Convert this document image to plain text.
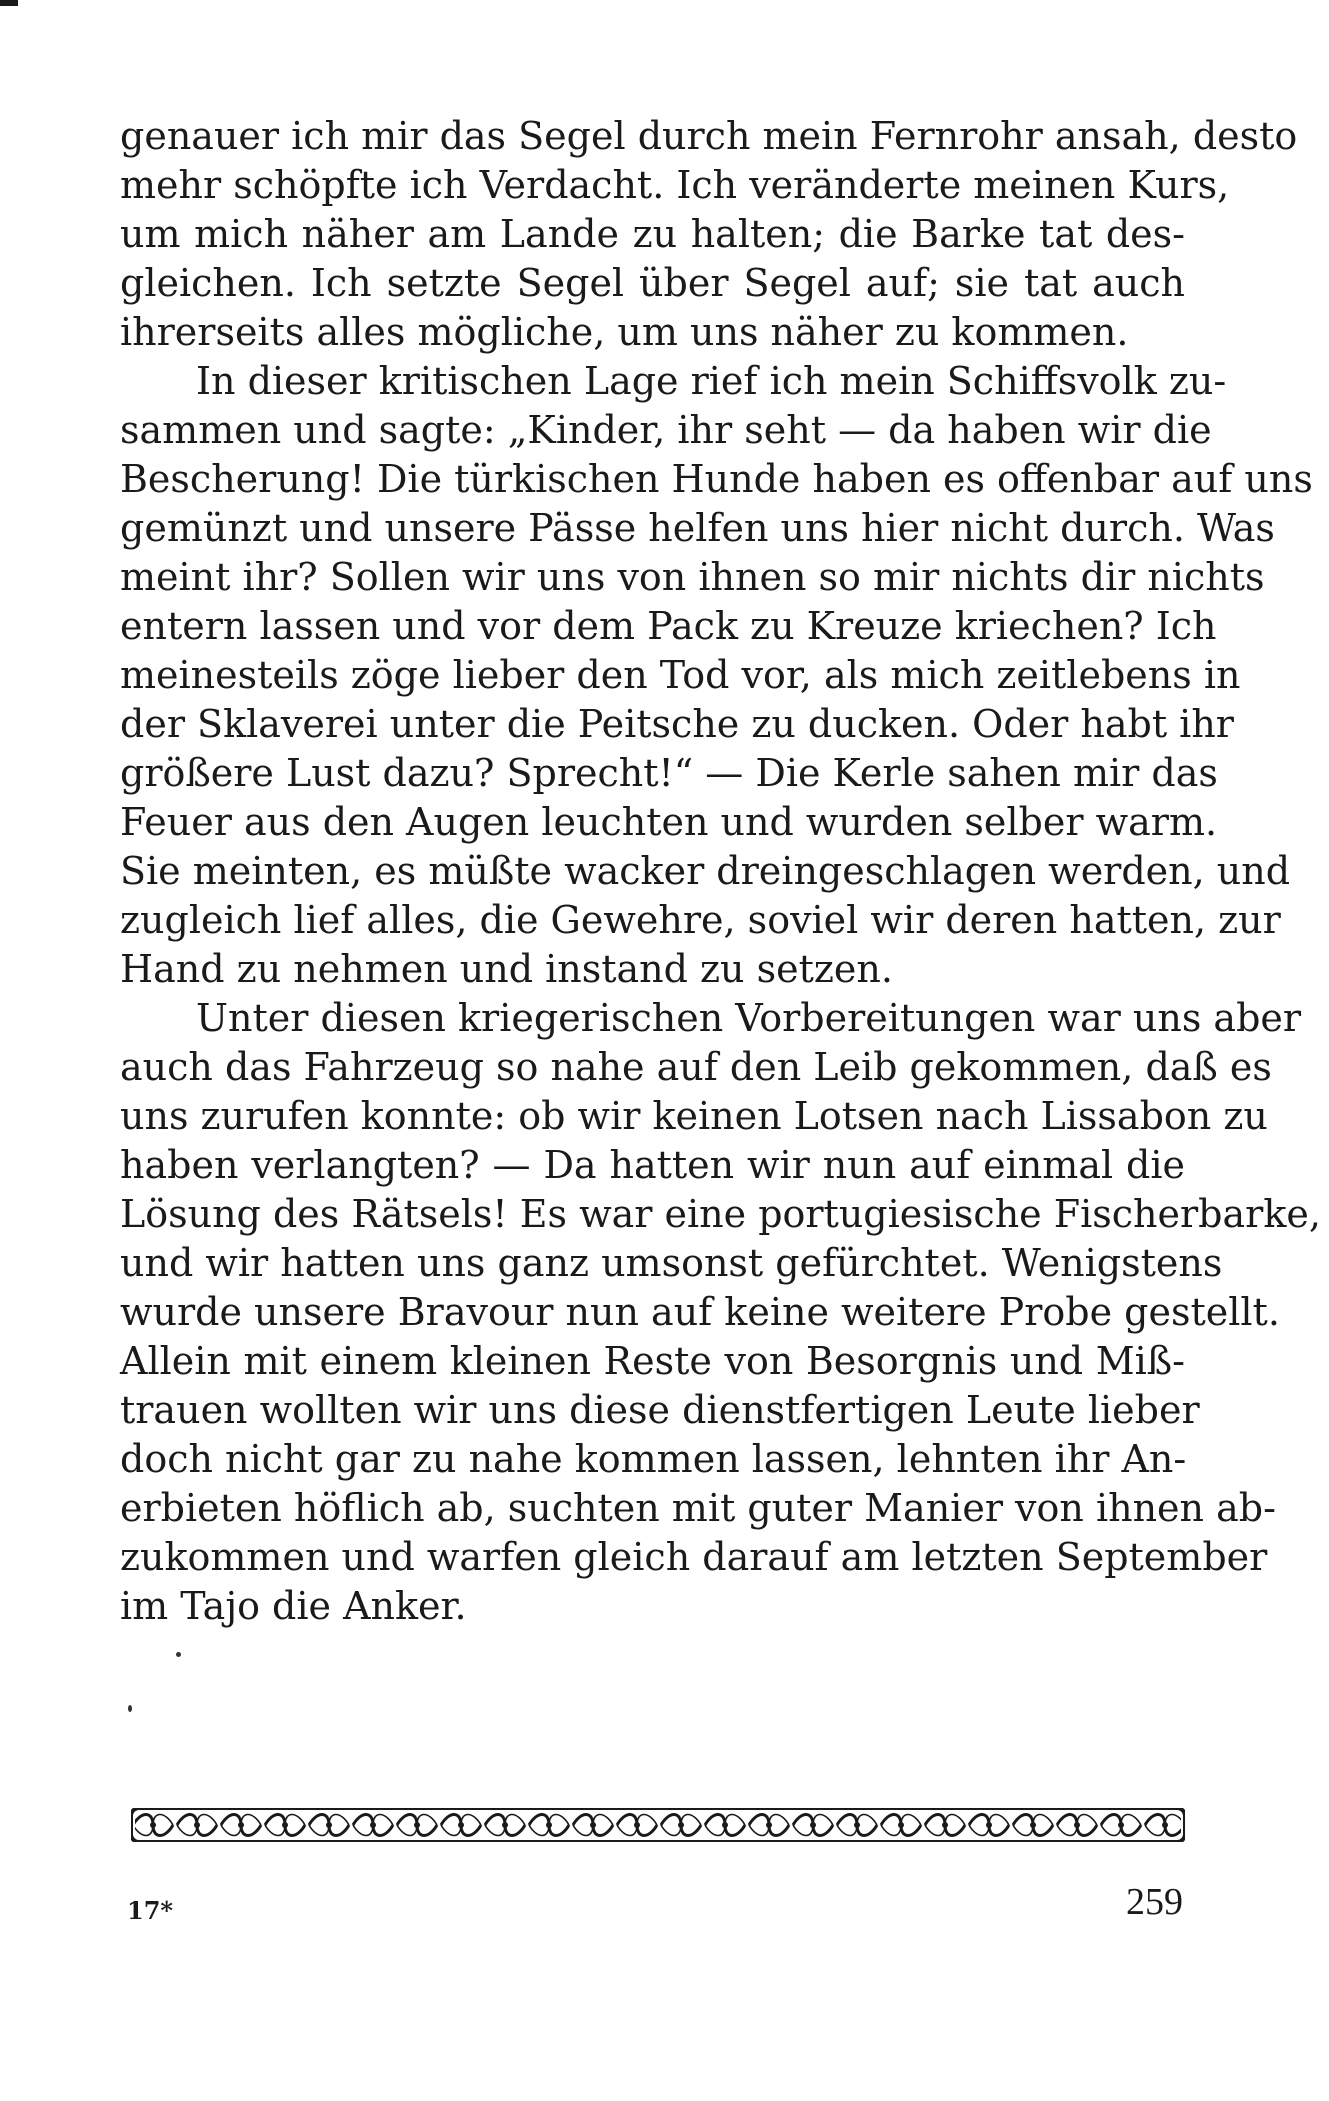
genauer ich mir das Segel durch mein Fernrohr ansah, desto
mehr schöpfte ich Verdacht. Ich veränderte meinen Kurs,
um mich näher am Lande zu halten; die Barke tat des-
gleichen. Ich setzte Segel über Segel auf; sie tat auch
ihrerseits alles mögliche, um uns näher zu kommen.
In dieser kritischen Lage rief ich mein Schiffsvolk zu-
sammen und sagte: „Kinder, ihr seht — da haben wir die
Bescherung! Die türkischen Hunde haben es offenbar auf uns
gemünzt und unsere Pässe helfen uns hier nicht durch. Was
meint ihr? Sollen wir uns von ihnen so mir nichts dir nichts
entern lassen und vor dem Pack zu Kreuze kriechen? Ich
meinesteils zöge lieber den Tod vor, als mich zeitlebens in
der Sklaverei unter die Peitsche zu ducken. Oder habt ihr
größere Lust dazu? Sprecht!“ — Die Kerle sahen mir das
Feuer aus den Augen leuchten und wurden selber warm.
Sie meinten, es müßte wacker dreingeschlagen werden, und
zugleich lief alles, die Gewehre, soviel wir deren hatten, zur
Hand zu nehmen und instand zu setzen.
Unter diesen kriegerischen Vorbereitungen war uns aber
auch das Fahrzeug so nahe auf den Leib gekommen, daß es
uns zurufen konnte: ob wir keinen Lotsen nach Lissabon zu
haben verlangten? — Da hatten wir nun auf einmal die
Lösung des Rätsels! Es war eine portugiesische Fischerbarke,
und wir hatten uns ganz umsonst gefürchtet. Wenigstens
wurde unsere Bravour nun auf keine weitere Probe gestellt.
Allein mit einem kleinen Reste von Besorgnis und Miß-
trauen wollten wir uns diese dienstfertigen Leute lieber
doch nicht gar zu nahe kommen lassen, lehnten ihr An-
erbieten höflich ab, suchten mit guter Manier von ihnen ab-
zukommen und warfen gleich darauf am letzten September
im Tajo die Anker.
17*	259
